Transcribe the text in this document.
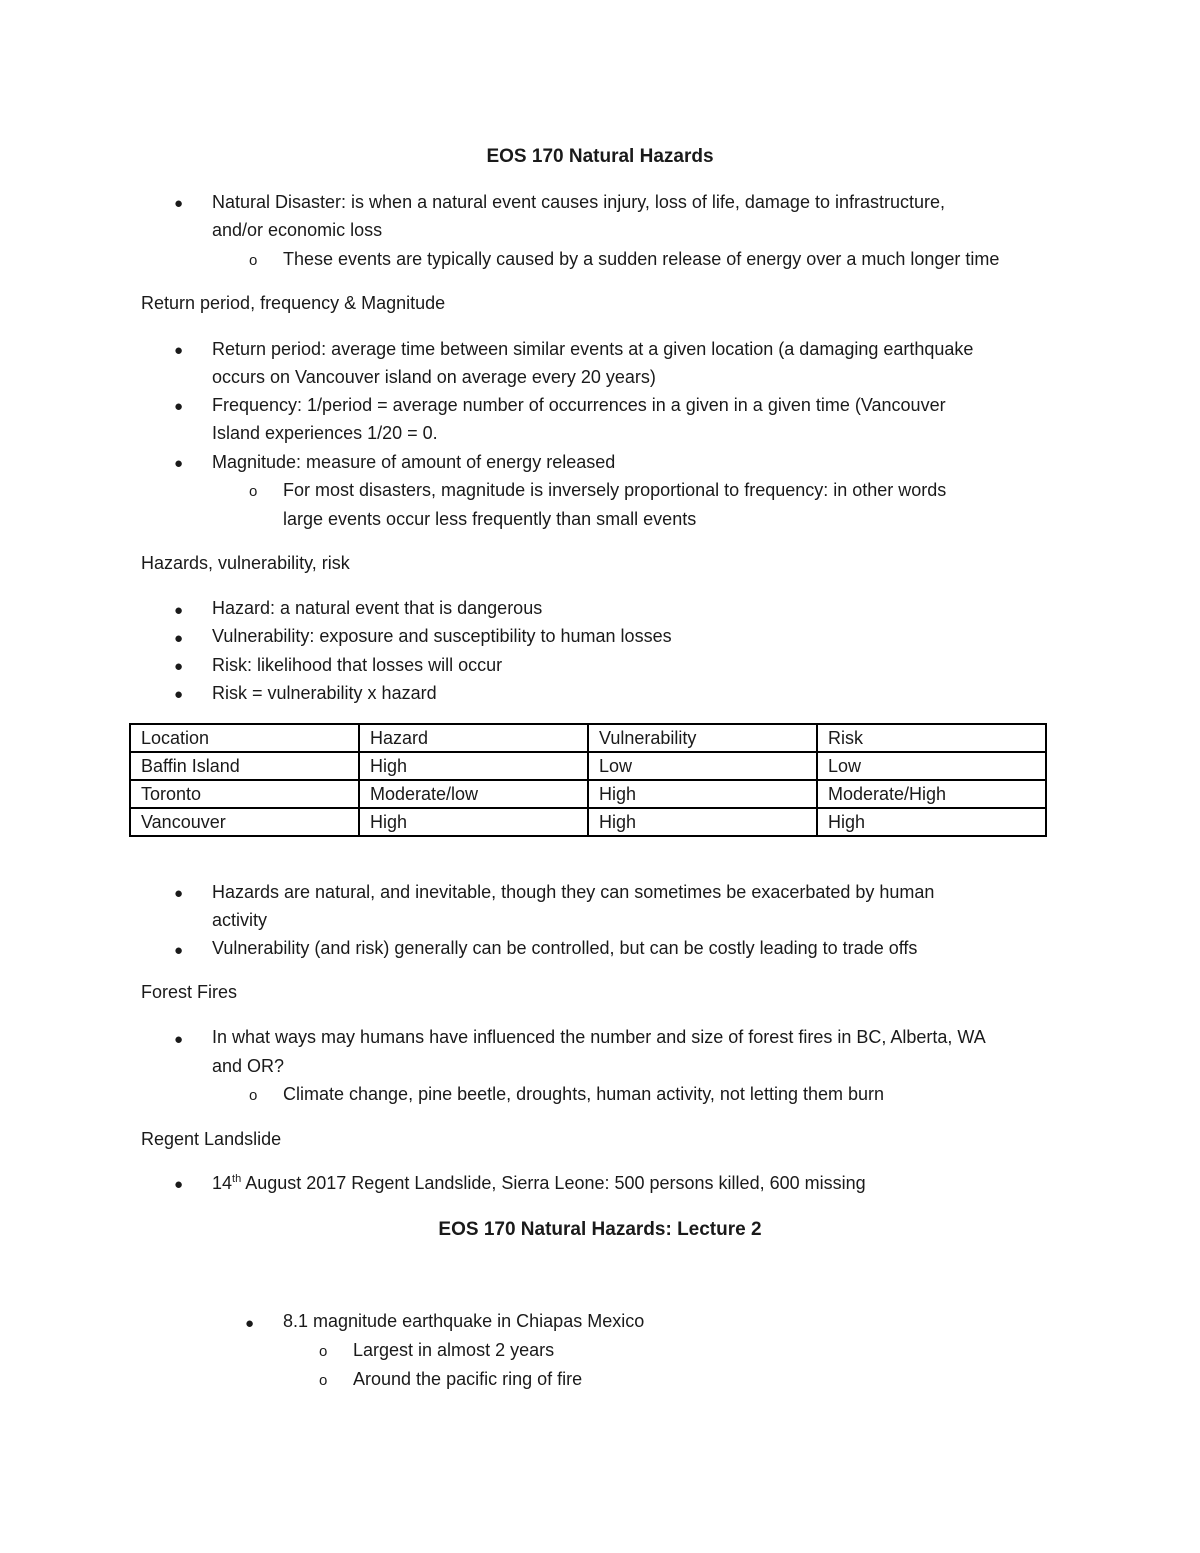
EOS 170 Natural Hazards
● Natural Disaster: is when a natural event causes injury, loss of life, damage to infrastructure,
and/or economic loss
o These events are typically caused by a sudden release of energy over a much longer time
Return period, frequency & Magnitude
● Return period: average time between similar events at a given location (a damaging earthquake
occurs on Vancouver island on average every 20 years)
● Frequency: 1/period = average number of occurrences in a given in a given time (Vancouver
Island experiences 1/20 = 0.
● Magnitude: measure of amount of energy released
o For most disasters, magnitude is inversely proportional to frequency: in other words
large events occur less frequently than small events
Hazards, vulnerability, risk
● Hazard: a natural event that is dangerous
● Vulnerability: exposure and susceptibility to human losses
● Risk: likelihood that losses will occur
● Risk = vulnerability x hazard
Location	Hazard	Vulnerability	Risk
Baffin Island	High	Low	Low
Toronto	Moderate/low	High	Moderate/High
Vancouver	High	High	High
● Hazards are natural, and inevitable, though they can sometimes be exacerbated by human
activity
● Vulnerability (and risk) generally can be controlled, but can be costly leading to trade offs
Forest Fires
● In what ways may humans have influenced the number and size of forest fires in BC, Alberta, WA
and OR?
o Climate change, pine beetle, droughts, human activity, not letting them burn
Regent Landslide
● 14th August 2017 Regent Landslide, Sierra Leone: 500 persons killed, 600 missing
EOS 170 Natural Hazards: Lecture 2
● 8.1 magnitude earthquake in Chiapas Mexico
o Largest in almost 2 years
o Around the pacific ring of fire
